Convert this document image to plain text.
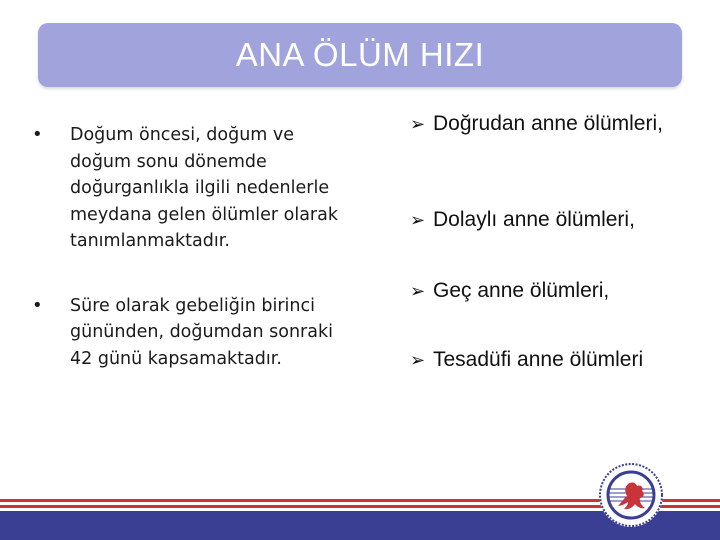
ANA ÖLÜM HIZI
• Doğum öncesi, doğum ve doğum sonu dönemde doğurganlıkla ilgili nedenlerle meydana gelen ölümler olarak tanımlanmaktadır.
• Süre olarak gebeliğin birinci gününden, doğumdan sonraki 42 günü kapsamaktadır.
➢ Doğrudan anne ölümleri,
➢ Dolaylı anne ölümleri,
➢ Geç anne ölümleri,
➢ Tesadüfi anne ölümleri
